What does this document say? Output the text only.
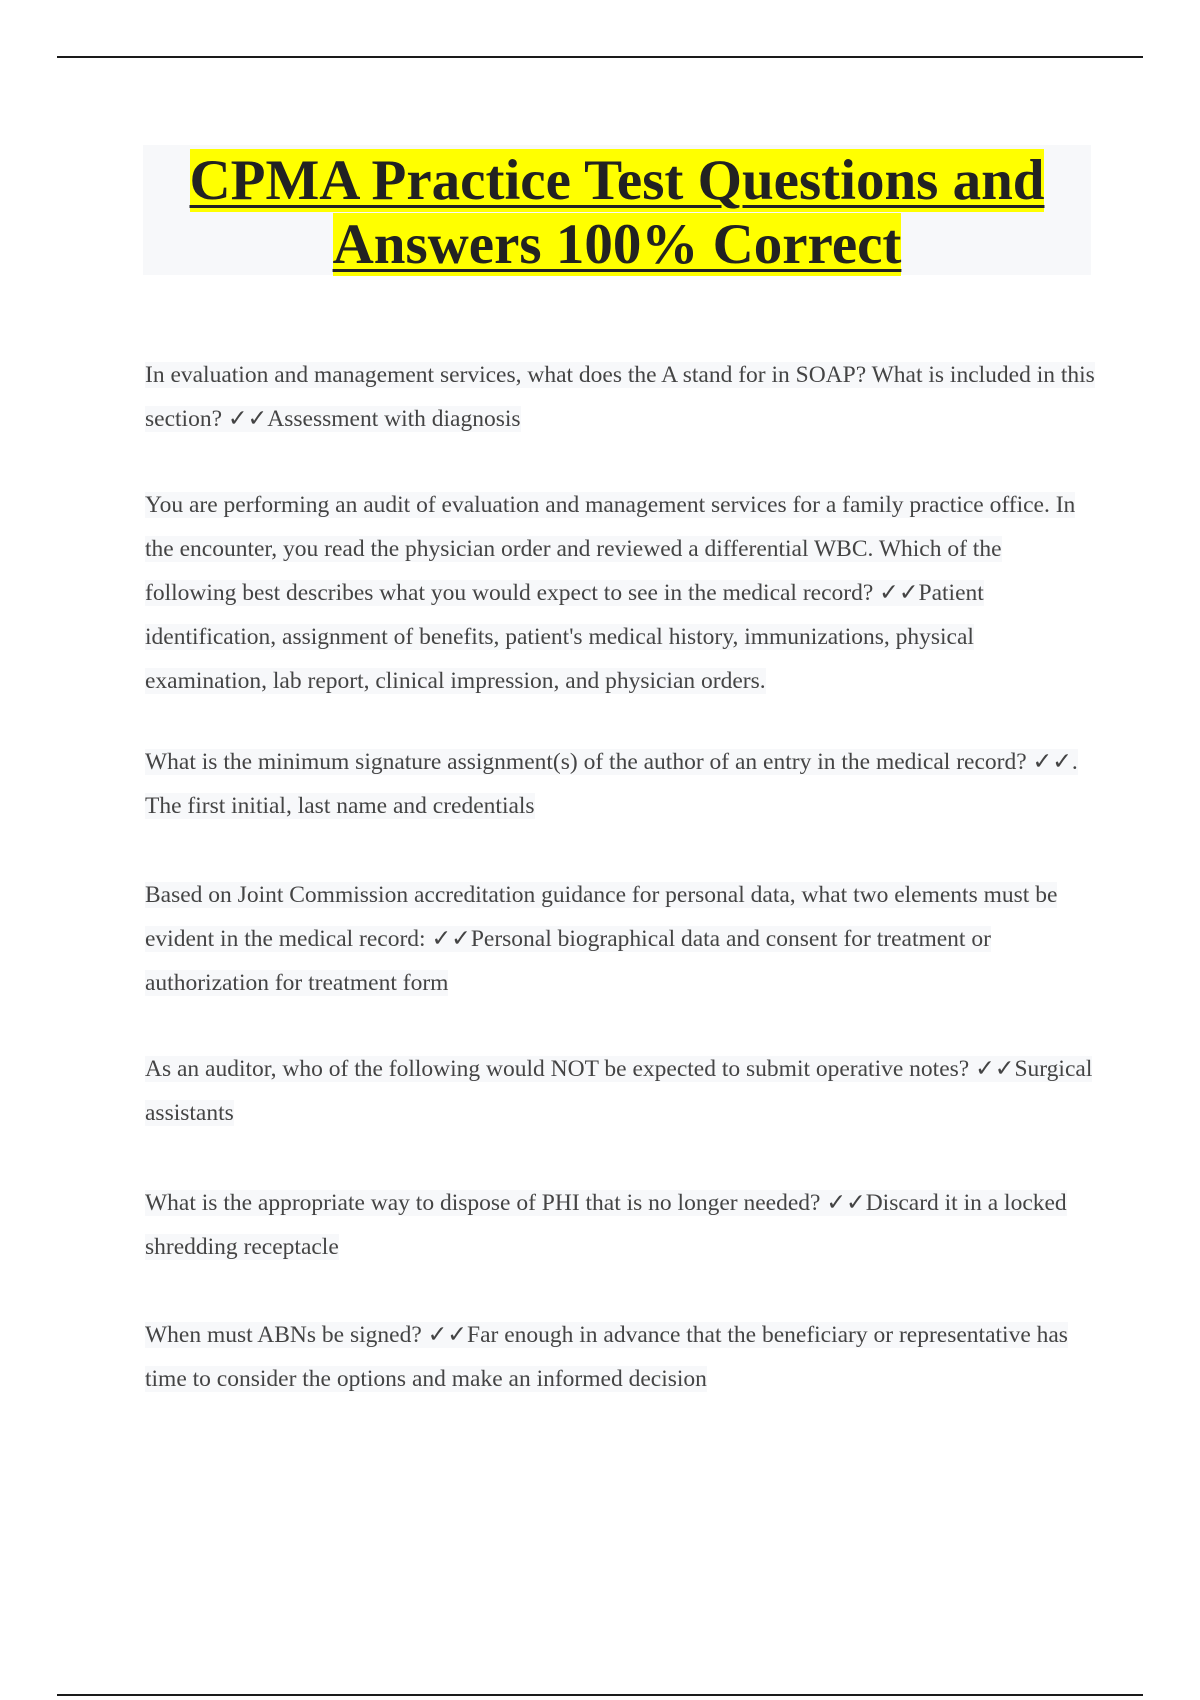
CPMA Practice Test Questions and Answers 100% Correct

In evaluation and management services, what does the A stand for in SOAP? What is included in this section? ✓✓Assessment with diagnosis

You are performing an audit of evaluation and management services for a family practice office. In the encounter, you read the physician order and reviewed a differential WBC. Which of the following best describes what you would expect to see in the medical record? ✓✓Patient identification, assignment of benefits, patient's medical history, immunizations, physical examination, lab report, clinical impression, and physician orders.

What is the minimum signature assignment(s) of the author of an entry in the medical record? ✓✓. The first initial, last name and credentials

Based on Joint Commission accreditation guidance for personal data, what two elements must be evident in the medical record: ✓✓Personal biographical data and consent for treatment or authorization for treatment form

As an auditor, who of the following would NOT be expected to submit operative notes? ✓✓Surgical assistants

What is the appropriate way to dispose of PHI that is no longer needed? ✓✓Discard it in a locked shredding receptacle

When must ABNs be signed? ✓✓Far enough in advance that the beneficiary or representative has time to consider the options and make an informed decision
